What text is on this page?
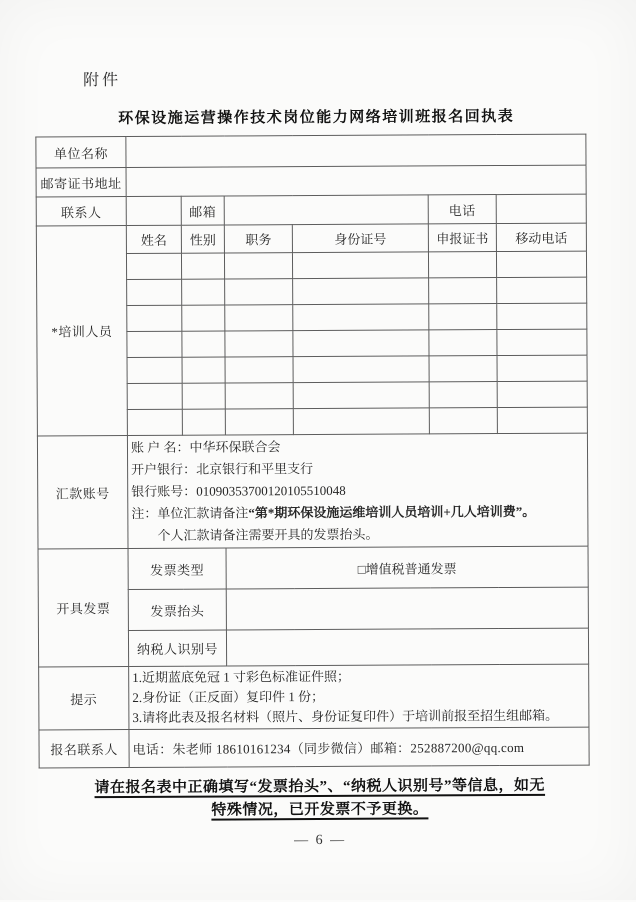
附件
环保设施运营操作技术岗位能力网络培训班报名回执表
单位名称						
邮寄证书地址						
联系人		邮箱			电话	
*培训人员	姓名	性别	职务	身份证号	申报证书	移动电话

汇款账号	账 户 名：中华环保联合会
开户银行：北京银行和平里支行
银行账号：01090353700120105510048
注：单位汇款请备注“第*期环保设施运维培训人员培训+几人培训费”。
个人汇款请备注需要开具的发票抬头。					

开具发票	发票类型		□增值税普通发票			
	发票抬头					
	纳税人识别号					
提示	1.近期蓝底免冠 1 寸彩色标准证件照；
2.身份证（正反面）复印件 1 份；
3.请将此表及报名材料（照片、身份证复印件）于培训前报至招生组邮箱。					

报名联系人	电话：朱老师 18610161234（同步微信）邮箱：252887200@qq.com					
请在报名表中正确填写“发票抬头”、“纳税人识别号”等信息，如无
特殊情况，已开发票不予更换。
— 6 —
